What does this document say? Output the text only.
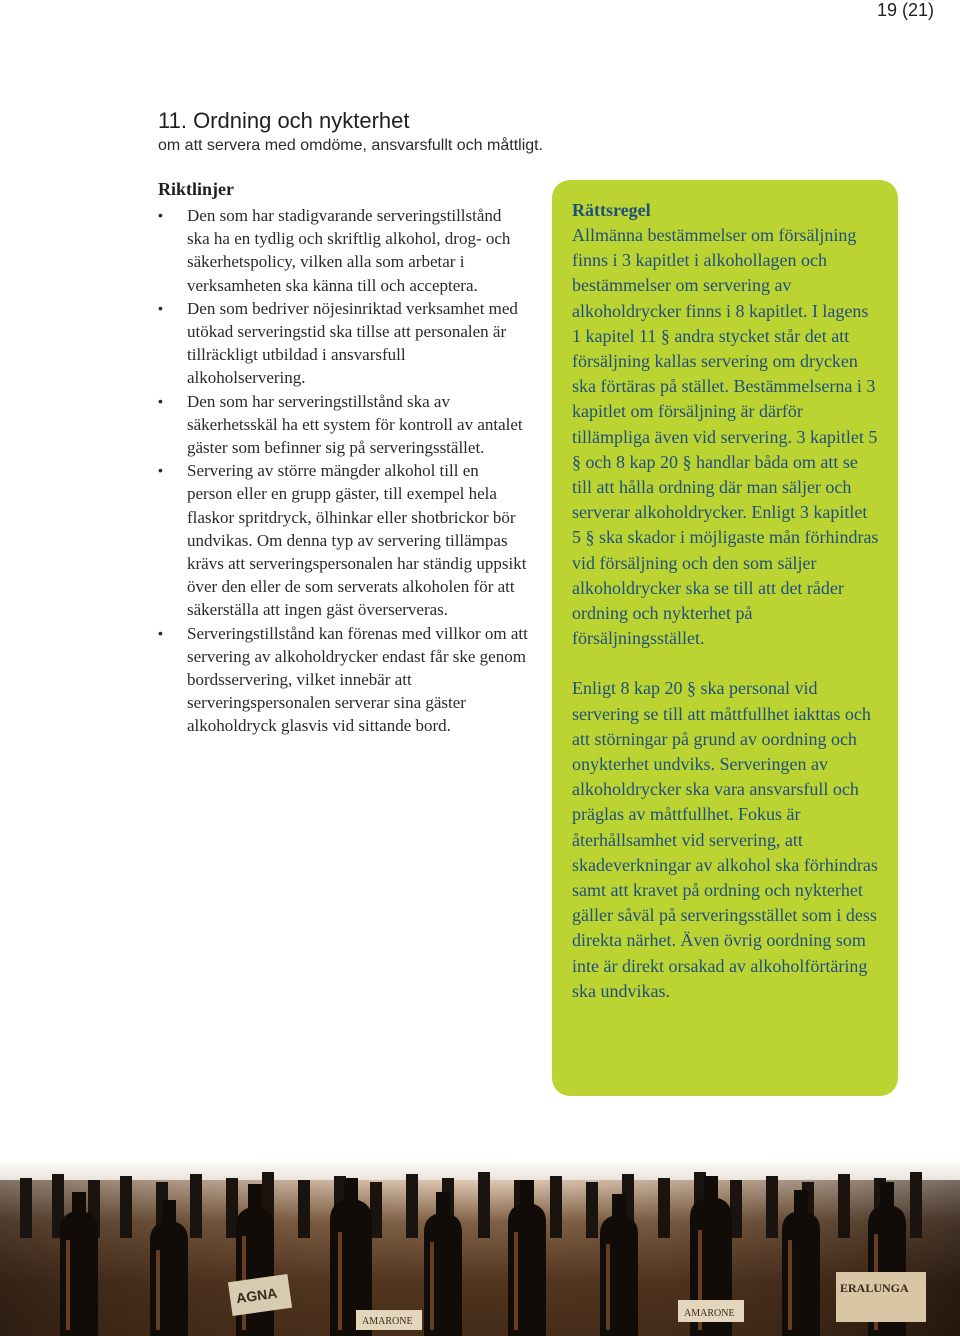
19 (21)
11. Ordning och nykterhet
om att servera med omdöme, ansvarsfullt och måttligt.
Riktlinjer
• Den som har stadigvarande serveringstillstånd ska ha en tydlig och skriftlig alkohol, drog- och säkerhetspolicy, vilken alla som arbetar i verksamheten ska känna till och acceptera.
• Den som bedriver nöjesinriktad verksamhet med utökad serveringstid ska tillse att personalen är tillräckligt utbildad i ansvarsfull alkoholservering.
• Den som har serveringstillstånd ska av säkerhetsskäl ha ett system för kontroll av antalet gäster som befinner sig på serveringsstället.
• Servering av större mängder alkohol till en person eller en grupp gäster, till exempel hela flaskor spritdryck, ölhinkar eller shotbrickor bör undvikas. Om denna typ av servering tillämpas krävs att serveringspersonalen har ständig uppsikt över den eller de som serverats alkoholen för att säkerställa att ingen gäst överserveras.
• Serveringstillstånd kan förenas med villkor om att servering av alkoholdrycker endast får ske genom bordsservering, vilket innebär att serveringspersonalen serverar sina gäster alkoholdryck glasvis vid sittande bord.
Rättsregel

Allmänna bestämmelser om försäljning finns i 3 kapitlet i alkohollagen och bestämmelser om servering av alkoholdrycker finns i 8 kapitlet. I lagens 1 kapitel 11 § andra stycket står det att försäljning kallas servering om drycken ska förtäras på stället. Bestämmelserna i 3 kapitlet om försäljning är därför tillämpliga även vid servering. 3 kapitlet 5 § och 8 kap 20 § handlar båda om att se till att hålla ordning där man säljer och serverar alkoholdrycker. Enligt 3 kapitlet 5 § ska skador i möjligaste mån förhindras vid försäljning och den som säljer alkoholdrycker ska se till att det råder ordning och nykterhet på försäljningsstället.

Enligt 8 kap 20 § ska personal vid servering se till att måttfullhet iakttas och att störningar på grund av oordning och onykterhet undviks. Serveringen av alkoholdrycker ska vara ansvarsfull och präglas av måttfullhet. Fokus är återhållsamhet vid servering, att skadeverkningar av alkohol ska förhindras samt att kravet på ordning och nykterhet gäller såväl på serveringsstället som i dess direkta närhet. Även övrig oordning som inte är direkt orsakad av alkoholförtäring ska undvikas.

AGNA
AMARONE
ERALUNGA
AMARONE
